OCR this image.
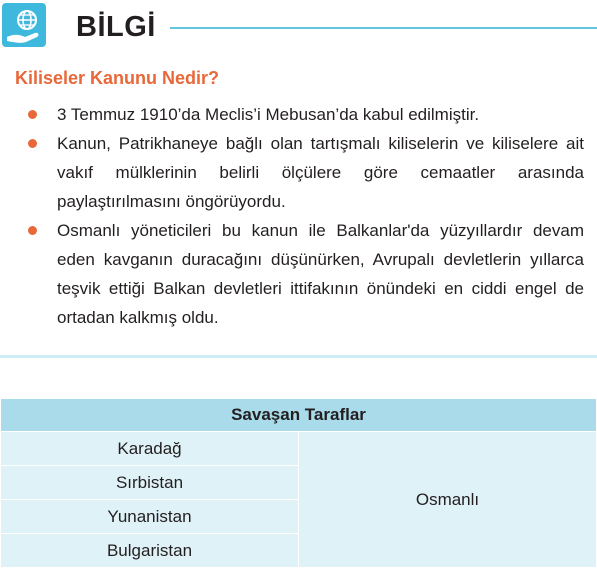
BİLGİ
Kiliseler Kanunu Nedir?
3 Temmuz 1910’da Meclis’i Mebusan’da kabul edilmiştir.
Kanun, Patrikhaneye bağlı olan tartışmalı kiliselerin ve kiliselere ait vakıf mülklerinin belirli ölçülere göre cemaatler arasında paylaştırılmasını öngörüyordu.
Osmanlı yöneticileri bu kanun ile Balkanlar'da yüzyıllardır devam eden kavganın duracağını düşünürken, Avrupalı devletlerin yıllarca teşvik ettiği Balkan devletleri ittifakının önündeki en ciddi engel de ortadan kalkmış oldu.
Savaşan Taraflar
Karadağ	Osmanlı
Sırbistan
Yunanistan
Bulgaristan
